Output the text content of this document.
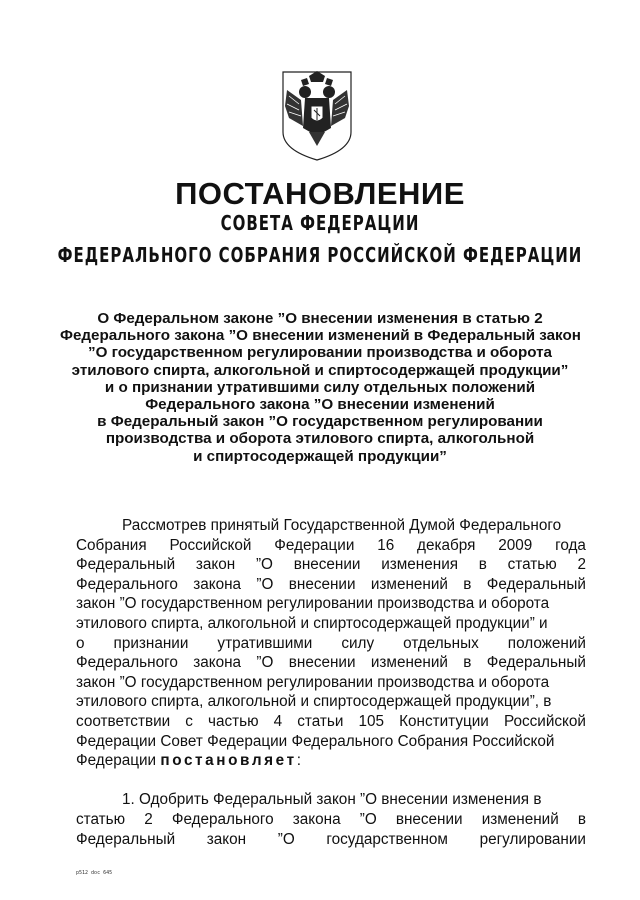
ПОСТАНОВЛЕНИЕ
СОВЕТА ФЕДЕРАЦИИ
ФЕДЕРАЛЬНОГО СОБРАНИЯ РОССИЙСКОЙ ФЕДЕРАЦИИ
О Федеральном законе ”О внесении изменения в статью 2
Федерального закона ”О внесении изменений в Федеральный закон
”О государственном регулировании производства и оборота
этилового спирта, алкогольной и спиртосодержащей продукции”
и о признании утратившими силу отдельных положений
Федерального закона ”О внесении изменений
в Федеральный закон ”О государственном регулировании
производства и оборота этилового спирта, алкогольной
и спиртосодержащей продукции”
Рассмотрев принятый Государственной Думой Федерального
Собрания Российской Федерации 16 декабря 2009 года
Федеральный закон ”О внесении изменения в статью 2
Федерального закона ”О внесении изменений в Федеральный
закон ”О государственном регулировании производства и оборота
этилового спирта, алкогольной и спиртосодержащей продукции” и
о признании утратившими силу отдельных положений
Федерального закона ”О внесении изменений в Федеральный
закон ”О государственном регулировании производства и оборота
этилового спирта, алкогольной и спиртосодержащей продукции”, в
соответствии с частью 4 статьи 105 Конституции Российской
Федерации Совет Федерации Федерального Собрания Российской
Федерации
постановляет :
1. Одобрить Федеральный закон ”О внесении изменения в
статью 2 Федерального закона ”О внесении изменений в
Федеральный закон ”О государственном регулировании
р512 doc 645
